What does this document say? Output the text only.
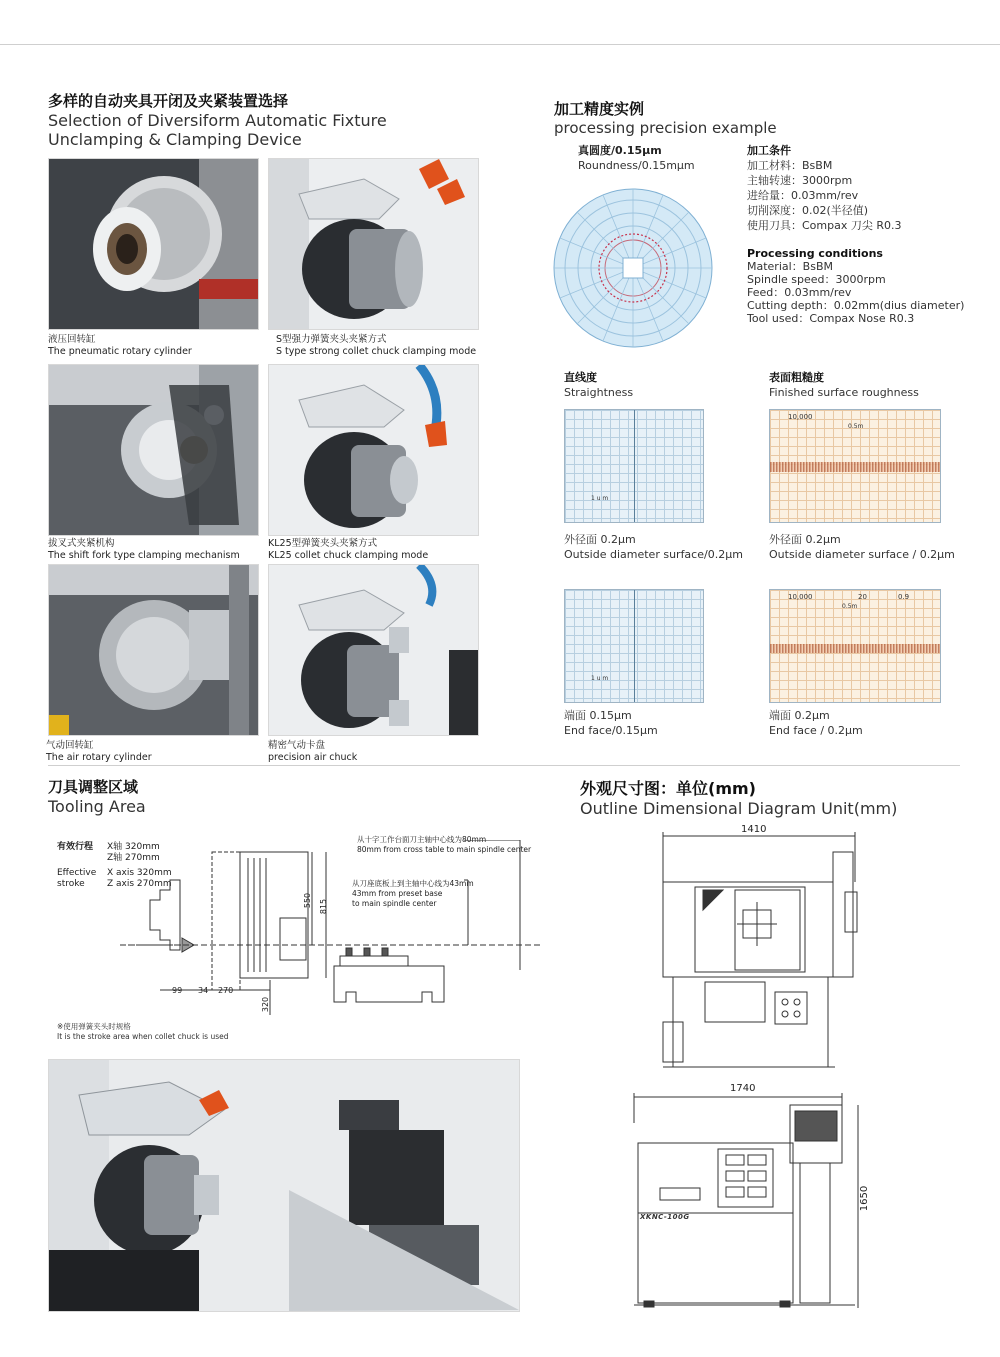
多样的自动夹具开闭及夹紧装置选择
Selection of Diversiform Automatic Fixture
Unclamping & Clamping Device
液压回转缸
The pneumatic rotary cylinder
S型强力弹簧夹头夹紧方式
S type strong collet chuck clamping mode
拔叉式夹紧机构
The shift fork type clamping mechanism
KL25型弹簧夹头夹紧方式
KL25 collet chuck clamping mode
气动回转缸
The air rotary cylinder
精密气动卡盘
precision air chuck
加工精度实例
processing precision example
真圆度/0.15μm
Roundness/0.15mμm
加工条件
加工材料：BsBM
主轴转速：3000rpm
进给量：0.03mm/rev
切削深度：0.02(半径值)
使用刀具：Compax 刀尖 R0.3
Processing conditions
Material：BsBM
Spindle speed：3000rpm
Feed：0.03mm/rev
Cutting depth：0.02mm(dius diameter)
Tool used：Compax Nose R0.3
直线度
Straightness
表面粗糙度
Finished surface roughness
1 u m
外径面 0.2μm
Outside diameter surface/0.2μm
10,000
0.5m
外径面 0.2μm
Outside diameter surface / 0.2μm
1 u m
端面 0.15μm
End face/0.15μm
10,000	20	0.9
0.5m
端面 0.2μm
End face / 0.2μm
刀具调整区域
Tooling Area
有效行程	X轴 320mm
Z轴 270mm
Effective
stroke
X axis 320mm
Z axis 270mm
从十字工作台面刀主轴中心线为80mm
80mm from cross table to main spindle center
从刀座底板上到主轴中心线为43mm
43mm from preset base
to main spindle center
99 34 270
320
550 815
※使用弹簧夹头时规格
It is the stroke area when collet chuck is used
外观尺寸图：单位(mm)
Outline Dimensional Diagram Unit(mm)
1410
1740
1650
XKNC-100G
